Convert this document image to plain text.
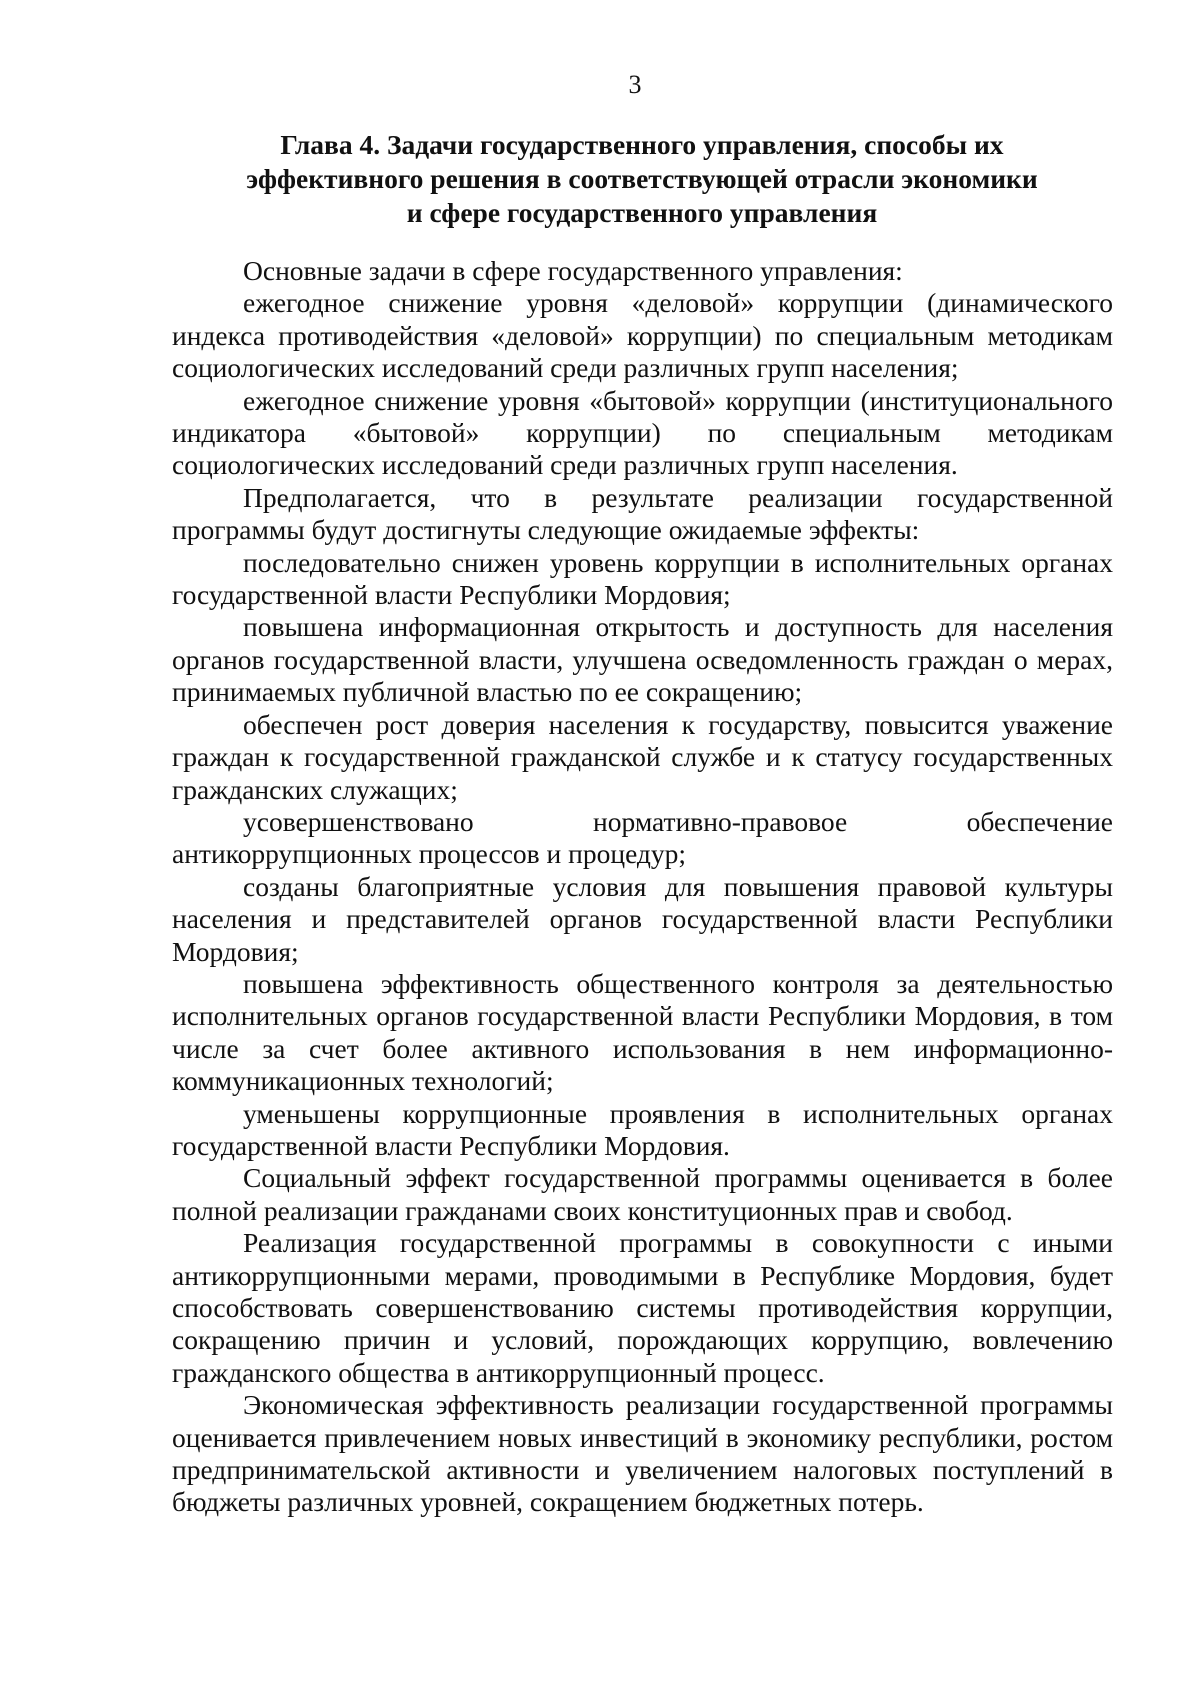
3
Глава 4. Задачи государственного управления, способы их
эффективного решения в соответствующей отрасли экономики
и сфере государственного управления

Основные задачи в сфере государственного управления:

ежегодное снижение уровня «деловой» коррупции (динамического индекса противодействия «деловой» коррупции) по специальным методикам социологических исследований среди различных групп населения;

ежегодное снижение уровня «бытовой» коррупции (институционального индикатора «бытовой» коррупции) по специальным методикам социологических исследований среди различных групп населения.

Предполагается, что в результате реализации государственной программы будут достигнуты следующие ожидаемые эффекты:

последовательно снижен уровень коррупции в исполнительных органах государственной власти Республики Мордовия;

повышена информационная открытость и доступность для населения органов государственной власти, улучшена осведомленность граждан о мерах, принимаемых публичной властью по ее сокращению;

обеспечен рост доверия населения к государству, повысится уважение граждан к государственной гражданской службе и к статусу государственных гражданских служащих;

усовершенствовано нормативно-правовое обеспечение антикоррупционных процессов и процедур;

созданы благоприятные условия для повышения правовой культуры населения и представителей органов государственной власти Республики Мордовия;

повышена эффективность общественного контроля за деятельностью исполнительных органов государственной власти Республики Мордовия, в том числе за счет более активного использования в нем информационно-коммуникационных технологий;

уменьшены коррупционные проявления в исполнительных органах государственной власти Республики Мордовия.

Социальный эффект государственной программы оценивается в более полной реализации гражданами своих конституционных прав и свобод.

Реализация государственной программы в совокупности с иными антикоррупционными мерами, проводимыми в Республике Мордовия, будет способствовать совершенствованию системы противодействия коррупции, сокращению причин и условий, порождающих коррупцию, вовлечению гражданского общества в антикоррупционный процесс.

Экономическая эффективность реализации государственной программы оценивается привлечением новых инвестиций в экономику республики, ростом предпринимательской активности и увеличением налоговых поступлений в бюджеты различных уровней, сокращением бюджетных потерь.
